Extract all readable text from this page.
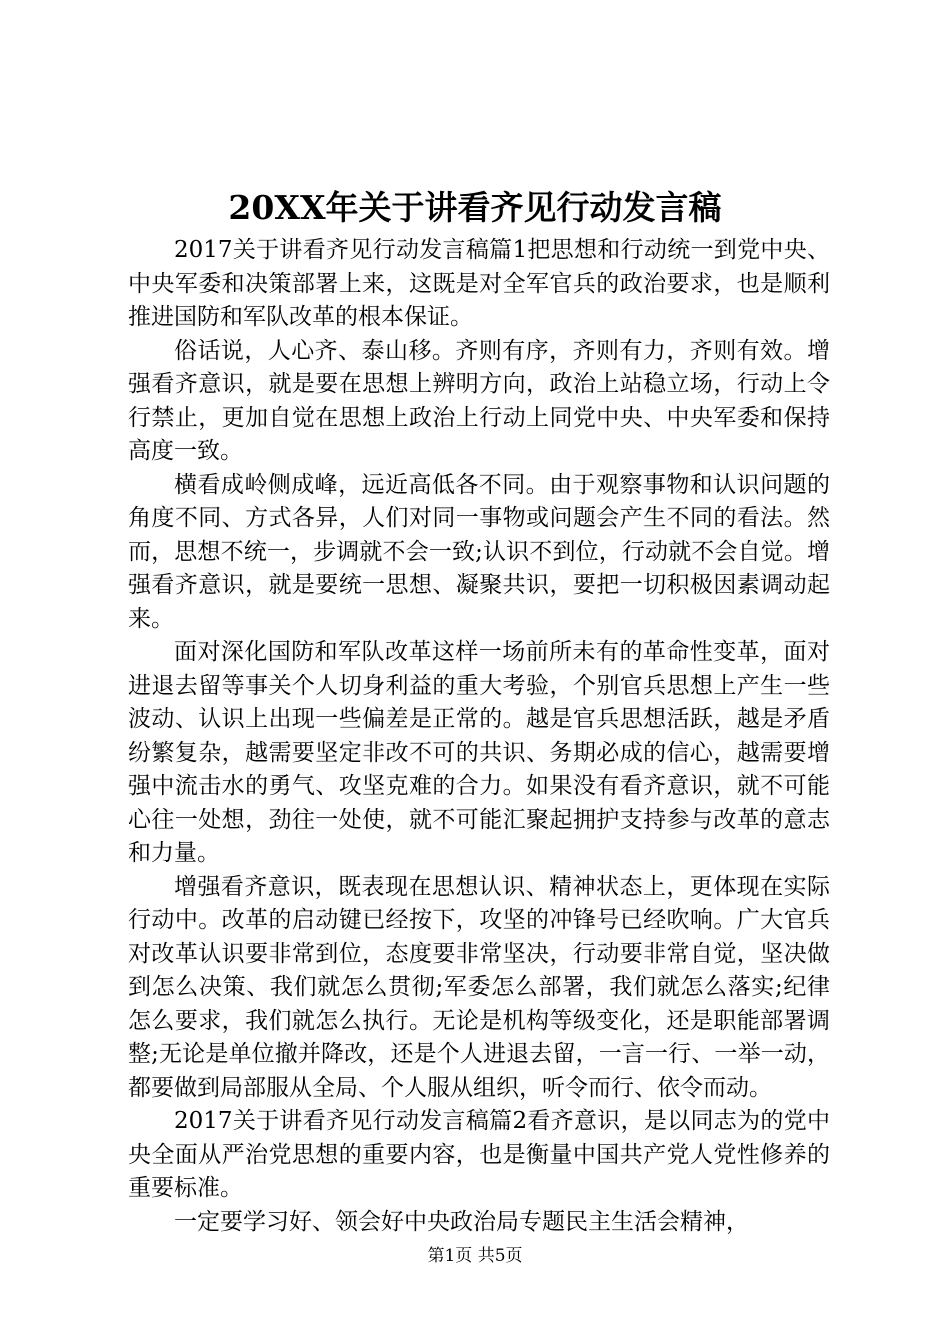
20XX年关于讲看齐见行动发言稿

2017关于讲看齐见行动发言稿篇1把思想和行动统一到党中央、中央军委和决策部署上来，这既是对全军官兵的政治要求，也是顺利推进国防和军队改革的根本保证。

俗话说，人心齐、泰山移。齐则有序，齐则有力，齐则有效。增强看齐意识，就是要在思想上辨明方向，政治上站稳立场，行动上令行禁止，更加自觉在思想上政治上行动上同党中央、中央军委和保持高度一致。

横看成岭侧成峰，远近高低各不同。由于观察事物和认识问题的角度不同、方式各异，人们对同一事物或问题会产生不同的看法。然而，思想不统一，步调就不会一致;认识不到位，行动就不会自觉。增强看齐意识，就是要统一思想、凝聚共识，要把一切积极因素调动起来。

面对深化国防和军队改革这样一场前所未有的革命性变革，面对进退去留等事关个人切身利益的重大考验，个别官兵思想上产生一些波动、认识上出现一些偏差是正常的。越是官兵思想活跃，越是矛盾纷繁复杂，越需要坚定非改不可的共识、务期必成的信心，越需要增强中流击水的勇气、攻坚克难的合力。如果没有看齐意识，就不可能心往一处想，劲往一处使，就不可能汇聚起拥护支持参与改革的意志和力量。

增强看齐意识，既表现在思想认识、精神状态上，更体现在实际行动中。改革的启动键已经按下，攻坚的冲锋号已经吹响。广大官兵对改革认识要非常到位，态度要非常坚决，行动要非常自觉，坚决做到怎么决策、我们就怎么贯彻;军委怎么部署，我们就怎么落实;纪律怎么要求，我们就怎么执行。无论是机构等级变化，还是职能部署调整;无论是单位撤并降改，还是个人进退去留，一言一行、一举一动，都要做到局部服从全局、个人服从组织，听令而行、依令而动。

2017关于讲看齐见行动发言稿篇2看齐意识，是以同志为的党中央全面从严治党思想的重要内容，也是衡量中国共产党人党性修养的重要标准。

一定要学习好、领会好中央政治局专题民主生活会精神，

第1页 共5页
